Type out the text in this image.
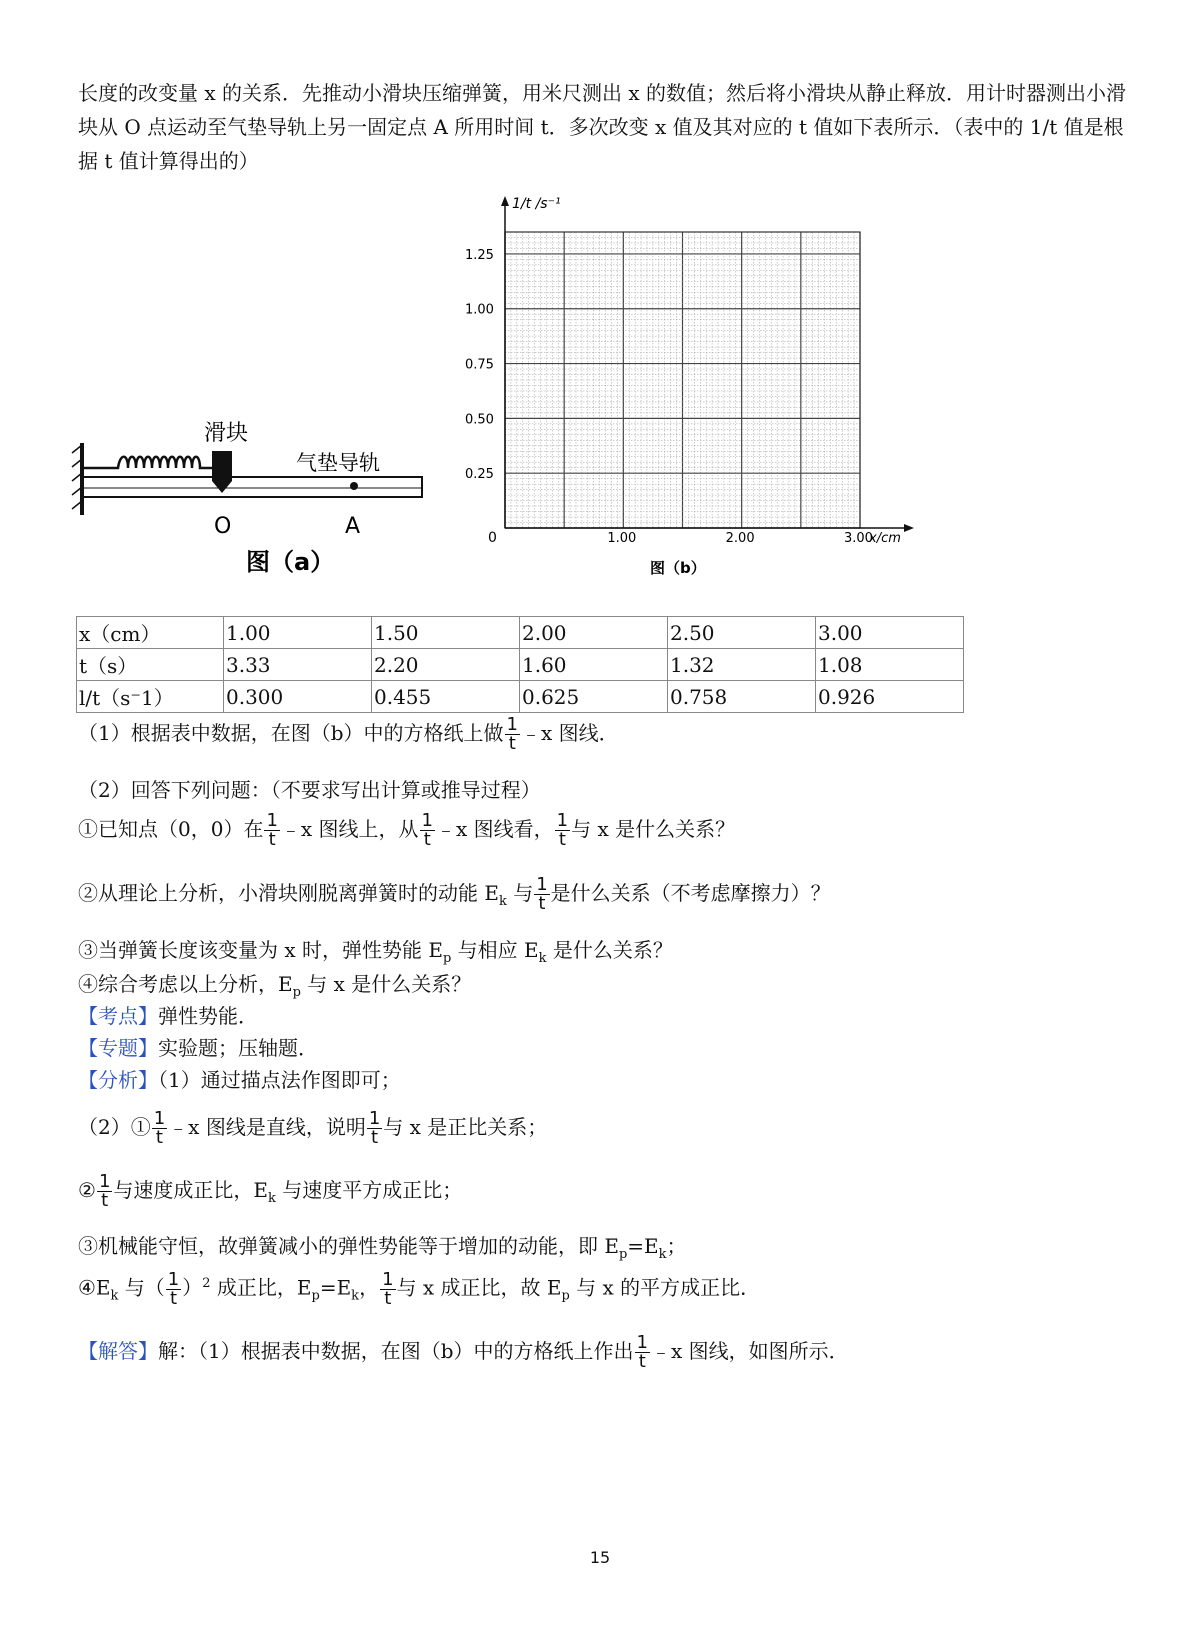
长度的改变量 x 的关系．先推动小滑块压缩弹簧，用米尺测出 x 的数值；然后将小滑块从静止释放．用计时器测出小滑块从 O 点运动至气垫导轨上另一固定点 A 所用时间 t．多次改变 x 值及其对应的 t 值如下表所示．（表中的 1/t 值是根据 t 值计算得出的）
滑块
气垫导轨
O	A
图（a）
1.00	2.00	3.00
0.25
0.50
0.75
1.00
1.25
1/t /s⁻¹
x/cm
0
图（b）
x（cm）	1.00	1.50	2.00	2.50	3.00
t（s）	3.33	2.20	1.60	1.32	1.08
l/t（s⁻1）	0.300	0.455	0.625	0.758	0.926
（1）根据表中数据，在图（b）中的方格纸上做 $\frac{1}{t}$ ﹣x 图线．
（2）回答下列问题：（不要求写出计算或推导过程）
①已知点（0，0）在 $\frac{1}{t}$ ﹣x 图线上，从 $\frac{1}{t}$ ﹣x 图线看， $\frac{1}{t}$ 与 x 是什么关系？
②从理论上分析，小滑块刚脱离弹簧时的动能 $E_k$ 与 $\frac{1}{t}$ 是什么关系（不考虑摩擦力）？
③当弹簧长度该变量为 x 时，弹性势能 $E_p$ 与相应 $E_k$ 是什么关系？
④综合考虑以上分析，$E_p$ 与 x 是什么关系？
【考点】弹性势能．
【专题】实验题；压轴题．
【分析】（1）通过描点法作图即可；
（2）① $\frac{1}{t}$ ﹣x 图线是直线，说明 $\frac{1}{t}$ 与 x 是正比关系；
② $\frac{1}{t}$ 与速度成正比，$E_k$ 与速度平方成正比；
③机械能守恒，故弹簧减小的弹性势能等于增加的动能，即 $E_p=E_k$；
$④E_k$ 与（ $\frac{1}{t} )^2$ 成正比，$E_p=E_k$， $\frac{1}{t}$ 与 x 成正比，故 $E_p$ 与 x 的平方成正比．
【解答】解：（1）根据表中数据，在图（b）中的方格纸上作出 $\frac{1}{t}$ ﹣x 图线，如图所示．
15
